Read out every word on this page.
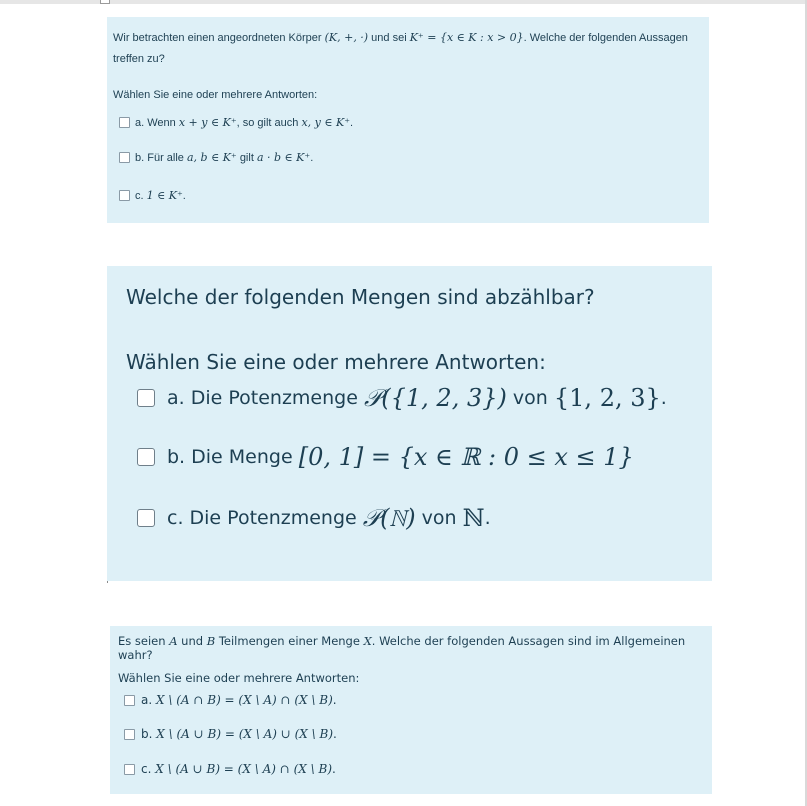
Wir betrachten einen angeordneten Körper (K, +, ·) und sei K⁺ = {x ∈ K : x > 0}. Welche der folgenden Aussagen treffen zu?
Wählen Sie eine oder mehrere Antworten:
a. Wenn
x + y ∈ K⁺ , so gilt auch
x, y ∈ K⁺ .
b. Für alle
a, b ∈ K⁺
gilt
a · b ∈ K⁺ .
c.
1 ∈ K⁺ .
Welche der folgenden Mengen sind abzählbar?
Wählen Sie eine oder mehrere Antworten:
a. Die Potenzmenge
𝒫({1, 2, 3})
von
{1, 2, 3} .
b. Die Menge
[0, 1] = {x ∈ ℝ : 0 ≤ x ≤ 1}
c. Die Potenzmenge
𝒫(ℕ)
von
ℕ .
Es seien A und B Teilmengen einer Menge X. Welche der folgenden Aussagen sind im Allgemeinen wahr?
Wählen Sie eine oder mehrere Antworten:
a.
X \ (A ∩ B) = (X \ A) ∩ (X \ B) .
b.
X \ (A ∪ B) = (X \ A) ∪ (X \ B) .
c.
X \ (A ∪ B) = (X \ A) ∩ (X \ B) .
